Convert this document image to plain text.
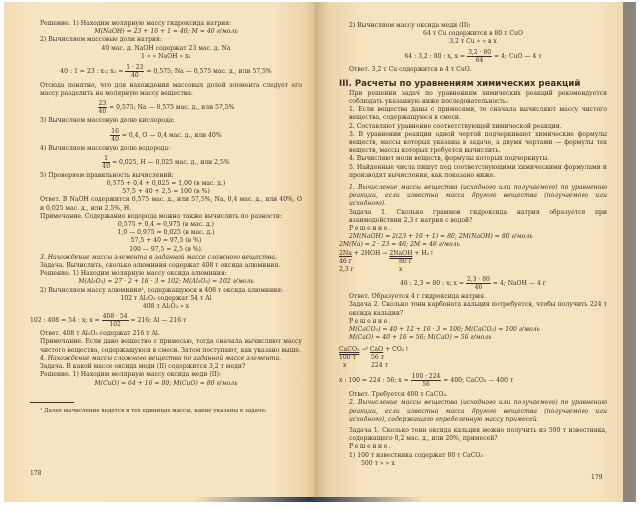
Решение. 1) Находим молярную массу гидроксида натрия:
M(NaOH) = 23 + 16 + 1 = 40; M = 40 г/моль
2) Вычисляем массовые доли натрия:
40 мас. д. NaOH содержат 23 мас. д. Na
1 » » NaOH » x₁
40 : 1 = 23 : x₁; $x_1 = \frac{1 \cdot 23}{40} = 0,575$; Na — 0,575 мас. д., или 57,5%
Отсюда понятно, что для нахождения массовых долей элемента следует его массу разделить на молярную массу вещества:
$\frac{23}{40} = 0,575$; Na — 0,575 мас. д., или 57,5%
3) Вычисляем массовую долю кислорода:
$\frac{16}{40} = 0,4$, O — 0,4 мас. д., или 40%
4) Вычисляем массовую долю водорода:
$\frac{1}{40} = 0,025$, H — 0,025 мас. д., или 2,5%
5) Проверяем правильность вычислений:
0,575 + 0,4 + 0,025 = 1,00 (в мас. д.)
57,5 + 40 + 2,5 = 100 (в %)
Ответ. В NaOH содержится 0,575 мас. д., или 57,5%, Na, 0,4 мас. д., или 40%, O и 0,025 мас. д., или 2,5%, H.
Примечание. Содержание водорода можно также вычислить по разности:
0,575 + 0,4 = 0,975 (в мас. д.)
1,0 — 0,975 = 0,025 (в мас. д.)
57,5 + 40 = 97,5 (в %)
100 — 97,5 = 2,5 (в %).
3. Нахождение массы элемента в заданной массе сложного вещества.
Задача. Вычислить, сколько алюминия содержат 408 т оксида алюминия.
Решение. 1) Находим молярную массу оксида алюминия:
M(Al₂O₃) = 27 · 2 + 16 · 3 = 102; M(Al₂O₃) = 102 г/моль
2) Вычисляем массу алюминия¹, содержащуюся в 408 т оксида алюминия:
102 т Al₂O₃ содержат 54 т Al
408 т Al₂O₃ » x
102 : 408 = 54 : x; $x = \frac{408 \cdot 54}{102} = 216$; Al — 216 т
Ответ. 408 т Al₂O₃ содержат 216 т Al.
Примечание. Если дано вещество с примесью, тогда сначала вычисляют массу чистого вещества, содержащуюся в смеси. Затем поступают, как указано выше.
4. Нахождение массы сложного вещества по заданной массе элемента.
Задача. В какой массе оксида меди (II) содержится 3,2 т меди?
Решение. 1) Находим молярную массу оксида меди (II):
M(CuO) = 64 + 16 = 80; M(CuO) = 80 г/моль
¹ Далее вычисление ведется в тех единицах массы, какие указаны в задаче.
178
2) Вычисляем массу оксида меди (II):
64 т Cu содержится в 80 т CuO
3,2 т Cu » » в x
64 : 3,2 : 80 : x, $x = \frac{3,2 \cdot 80}{64} = 4$; CuO — 4 т
Ответ. 3,2 т Cu содержится в 4 т CuO.
III. Расчеты по уравнениям химических реакций
При решении задач по уравнениям химических реакций рекомендуется соблюдать указанную ниже последовательность:
1. Если вещества даны с примесями, то сначала вычисляют массу чистого вещества, содержащуюся в смеси.
2. Составляют уравнение соответствующей химической реакции.
3. В уравнении реакции одной чертой подчеркивают химические формулы веществ, массы которых указаны в задаче, а двумя чертами — формулы тех веществ, массы которых требуется вычислить.
4. Вычисляют моли веществ, формулы которых подчеркнуты.
5. Найденные числа пишут под соответствующими химическими формулами и производят вычисления, как показано ниже.
1. Вычисление массы вещества (исходного или получаемого) по уравнению реакции, если известна масса другого вещества (получаемого или исходного).
Задача 1. Сколько граммов гидроксида натрия образуется при взаимодействии 2,3 г натрия с водой?
Решение.
2M(NaOH) = 2(23 + 16 + 1) = 80, 2M(NaOH) = 80 г/моль
2M(Na) = 2 · 23 = 46; 2M = 46 г/моль
2Na + 2HOH → 2NaOH + H₂↑
46 г	80 г
2,3 г	x
46 : 2,3 = 80 : x; $x = \frac{2,3 \cdot 80}{46} = 4$; NaOH — 4 г
Ответ. Образуется 4 г гидроксида натрия.
Задача 2. Сколько тонн карбоната кальция потребуется, чтобы получить 224 т оксида кальция?
Решение.
M(CaCO₃) = 40 + 12 + 16 · 3 = 100; M(CaCO₃) = 100 г/моль
M(CaO) = 40 + 16 = 56; M(CaO) = 56 г/моль
CaCO₃ →ᵗ CaO + CO₂↑
100 т 56 т
x	224 т
x : 100 = 224 : 56; $x = \frac{100 \cdot 224}{56} = 400$; CaCO₃ — 400 т
Ответ. Требуется 400 т CaCO₃.
2. Вычисление массы вещества (исходного или получаемого) по уравнению реакции, если известна масса другого вещества (получаемого или исходного), содержащего определенную массу примесей.
Задача 1. Сколько тонн оксида кальция можно получить из 500 т известняка, содержащего 0,2 мас. д., или 20%, примесей?
Решение.
1) 100 т известняка содержат 80 т CaCO₃
500 т » » x
179
